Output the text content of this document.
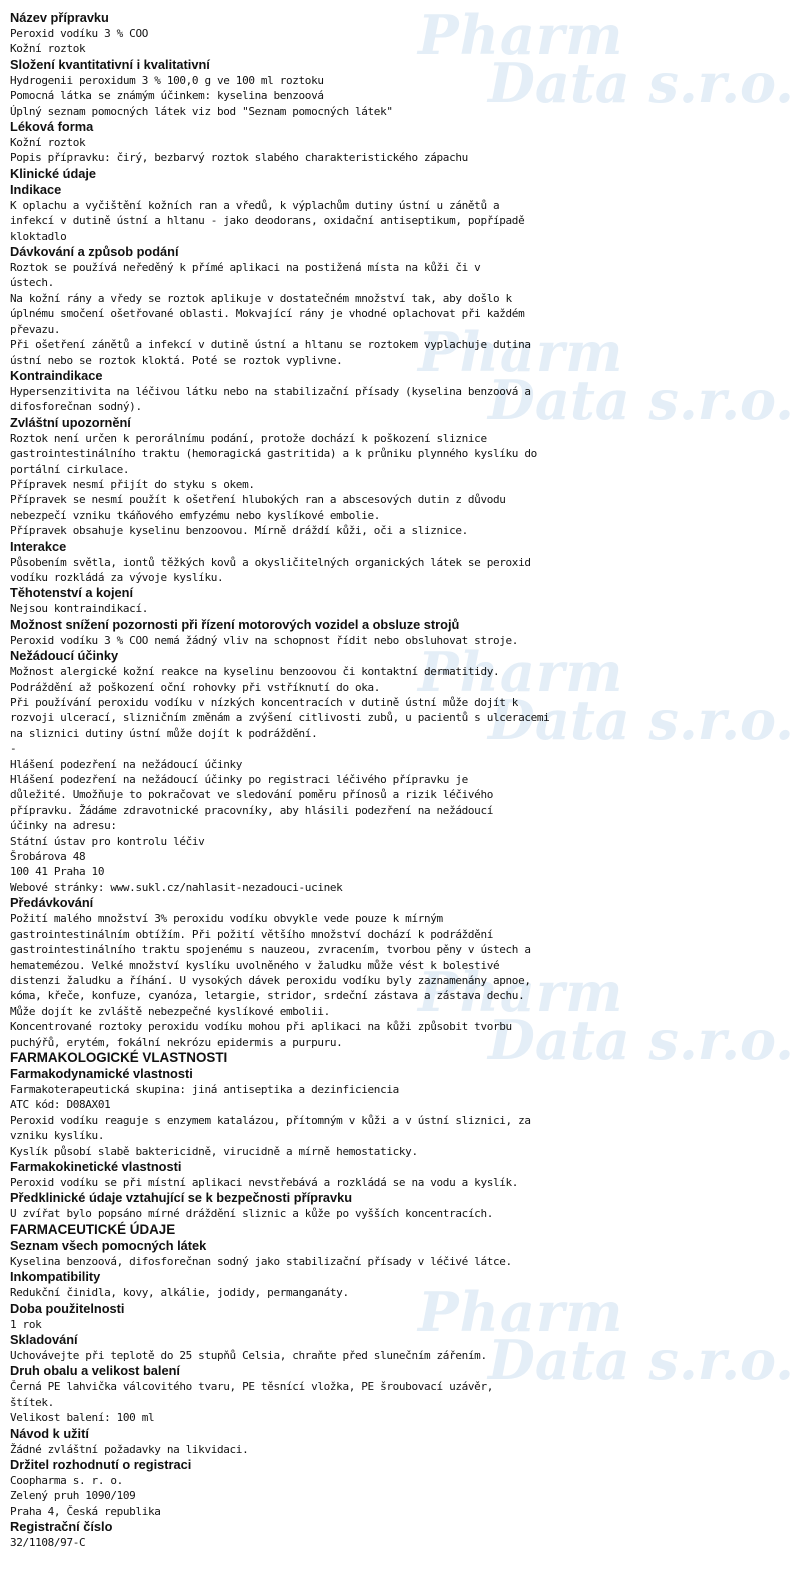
Pharm
Data s.r.o.
Pharm
Data s.r.o.
Pharm
Data s.r.o.
Pharm
Data s.r.o.
Pharm
Data s.r.o.
Název přípravku
Peroxid vodíku 3 % COO
Kožní roztok
Složení kvantitativní i kvalitativní
Hydrogenii peroxidum 3 % 100,0 g ve 100 ml roztoku
Pomocná látka se známým účinkem: kyselina benzoová
Úplný seznam pomocných látek viz bod "Seznam pomocných látek"
Léková forma
Kožní roztok
Popis přípravku: čirý, bezbarvý roztok slabého charakteristického zápachu
Klinické údaje
Indikace
K oplachu a vyčištění kožních ran a vředů, k výplachům dutiny ústní u zánětů a
infekcí v dutině ústní a hltanu - jako deodorans, oxidační antiseptikum, popřípadě
kloktadlo
Dávkování a způsob podání
Roztok se používá neředěný k přímé aplikaci na postižená místa na kůži či v
ústech.
Na kožní rány a vředy se roztok aplikuje v dostatečném množství tak, aby došlo k
úplnému smočení ošetřované oblasti. Mokvající rány je vhodné oplachovat při každém
převazu.
Při ošetření zánětů a infekcí v dutině ústní a hltanu se roztokem vyplachuje dutina
ústní nebo se roztok kloktá. Poté se roztok vyplivne.
Kontraindikace
Hypersenzitivita na léčivou látku nebo na stabilizační přísady (kyselina benzoová a
difosforečnan sodný).
Zvláštní upozornění
Roztok není určen k perorálnímu podání, protože dochází k poškození sliznice
gastrointestinálního traktu (hemoragická gastritida) a k průniku plynného kyslíku do
portální cirkulace.
Přípravek nesmí přijít do styku s okem.
Přípravek se nesmí použít k ošetření hlubokých ran a abscesových dutin z důvodu
nebezpečí vzniku tkáňového emfyzému nebo kyslíkové embolie.
Přípravek obsahuje kyselinu benzoovou. Mírně dráždí kůži, oči a sliznice.
Interakce
Působením světla, iontů těžkých kovů a okysličitelných organických látek se peroxid
vodíku rozkládá za vývoje kyslíku.
Těhotenství a kojení
Nejsou kontraindikací.
Možnost snížení pozornosti při řízení motorových vozidel a obsluze strojů
Peroxid vodíku 3 % COO nemá žádný vliv na schopnost řídit nebo obsluhovat stroje.
Nežádoucí účinky
Možnost alergické kožní reakce na kyselinu benzoovou či kontaktní dermatitidy.
Podráždění až poškození oční rohovky při vstříknutí do oka.
Při používání peroxidu vodíku v nízkých koncentracích v dutině ústní může dojít k
rozvoji ulcerací, slizničním změnám a zvýšení citlivosti zubů, u pacientů s ulceracemi
na sliznici dutiny ústní může dojít k podráždění.
-
Hlášení podezření na nežádoucí účinky
Hlášení podezření na nežádoucí účinky po registraci léčivého přípravku je
důležité. Umožňuje to pokračovat ve sledování poměru přínosů a rizik léčivého
přípravku. Žádáme zdravotnické pracovníky, aby hlásili podezření na nežádoucí
účinky na adresu:
Státní ústav pro kontrolu léčiv
Šrobárova 48
100 41 Praha 10
Webové stránky: www.sukl.cz/nahlasit-nezadouci-ucinek
Předávkování
Požití malého množství 3% peroxidu vodíku obvykle vede pouze k mírným
gastrointestinálním obtížím. Při požití většího množství dochází k podráždění
gastrointestinálního traktu spojenému s nauzeou, zvracením, tvorbou pěny v ústech a
hematemézou. Velké množství kyslíku uvolněného v žaludku může vést k bolestivé
distenzi žaludku a říhání. U vysokých dávek peroxidu vodíku byly zaznamenány apnoe,
kóma, křeče, konfuze, cyanóza, letargie, stridor, srdeční zástava a zástava dechu.
Může dojít ke zvláště nebezpečné kyslíkové embolii.
Koncentrované roztoky peroxidu vodíku mohou při aplikaci na kůži způsobit tvorbu
puchýřů, erytém, fokální nekrózu epidermis a purpuru.
FARMAKOLOGICKÉ VLASTNOSTI
Farmakodynamické vlastnosti
Farmakoterapeutická skupina: jiná antiseptika a dezinficiencia
ATC kód: D08AX01
Peroxid vodíku reaguje s enzymem katalázou, přítomným v kůži a v ústní sliznici, za
vzniku kyslíku.
Kyslík působí slabě baktericidně, virucidně a mírně hemostaticky.
Farmakokinetické vlastnosti
Peroxid vodíku se při místní aplikaci nevstřebává a rozkládá se na vodu a kyslík.
Předklinické údaje vztahující se k bezpečnosti přípravku
U zvířat bylo popsáno mírné dráždění sliznic a kůže po vyšších koncentracích.
FARMACEUTICKÉ ÚDAJE
Seznam všech pomocných látek
Kyselina benzoová, difosforečnan sodný jako stabilizační přísady v léčivé látce.
Inkompatibility
Redukční činidla, kovy, alkálie, jodidy, permanganáty.
Doba použitelnosti
1 rok
Skladování
Uchovávejte při teplotě do 25 stupňů Celsia, chraňte před slunečním zářením.
Druh obalu a velikost balení
Černá PE lahvička válcovitého tvaru, PE těsnící vložka, PE šroubovací uzávěr,
štítek.
Velikost balení: 100 ml
Návod k užití
Žádné zvláštní požadavky na likvidaci.
Držitel rozhodnutí o registraci
Coopharma s. r. o.
Zelený pruh 1090/109
Praha 4, Česká republika
Registrační číslo
32/1108/97-C
